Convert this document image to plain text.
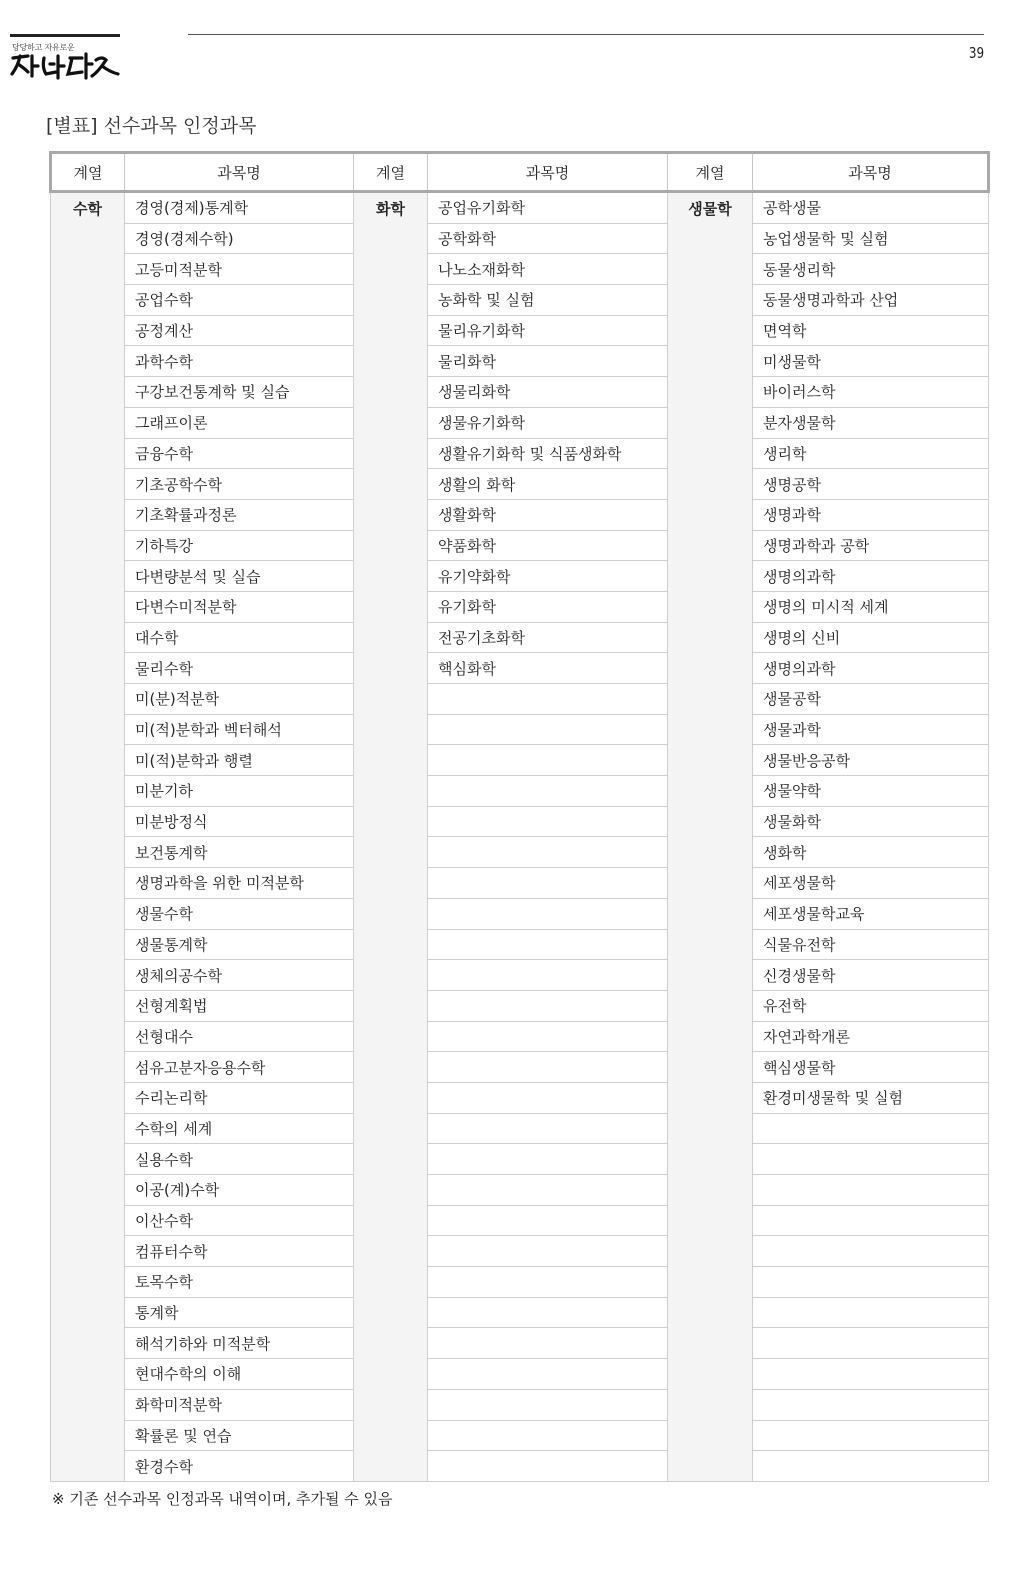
당당하고 자유로운	39
[별표] 선수과목 인정과목
계열	과목명	계열	과목명	계열	과목명
수학	경영(경제)통계학	화학	공업유기화학	생물학	공학생물
	경영(경제수학)		공학화학		농업생물학 및 실험
	고등미적분학		나노소재화학		동물생리학
	공업수학		농화학 및 실험		동물생명과학과 산업
	공정계산		물리유기화학		면역학
	과학수학		물리화학		미생물학
	구강보건통계학 및 실습		생물리화학		바이러스학
	그래프이론		생물유기화학		분자생물학
	금융수학		생활유기화학 및 식품생화학		생리학
	기초공학수학		생활의 화학		생명공학
	기초확률과정론		생활화학		생명과학
	기하특강		약품화학		생명과학과 공학
	다변량분석 및 실습		유기약화학		생명의과학
	다변수미적분학		유기화학		생명의 미시적 세계
	대수학		전공기초화학		생명의 신비
	물리수학		핵심화학		생명의과학
	미(분)적분학				생물공학
	미(적)분학과 벡터해석				생물과학
	미(적)분학과 행렬				생물반응공학
	미분기하				생물약학
	미분방정식				생물화학
	보건통계학				생화학
	생명과학을 위한 미적분학				세포생물학
	생물수학				세포생물학교육
	생물통계학				식물유전학
	생체의공수학				신경생물학
	선형계획법				유전학
	선형대수				자연과학개론
	섬유고분자응용수학				핵심생물학
	수리논리학				환경미생물학 및 실험
	수학의 세계				
	실용수학				
	이공(계)수학				
	이산수학				
	컴퓨터수학				
	토목수학				
	통계학				
	해석기하와 미적분학				
	현대수학의 이해				
	화학미적분학				
	확률론 및 연습				
	환경수학				
※ 기존 선수과목 인정과목 내역이며, 추가될 수 있음
